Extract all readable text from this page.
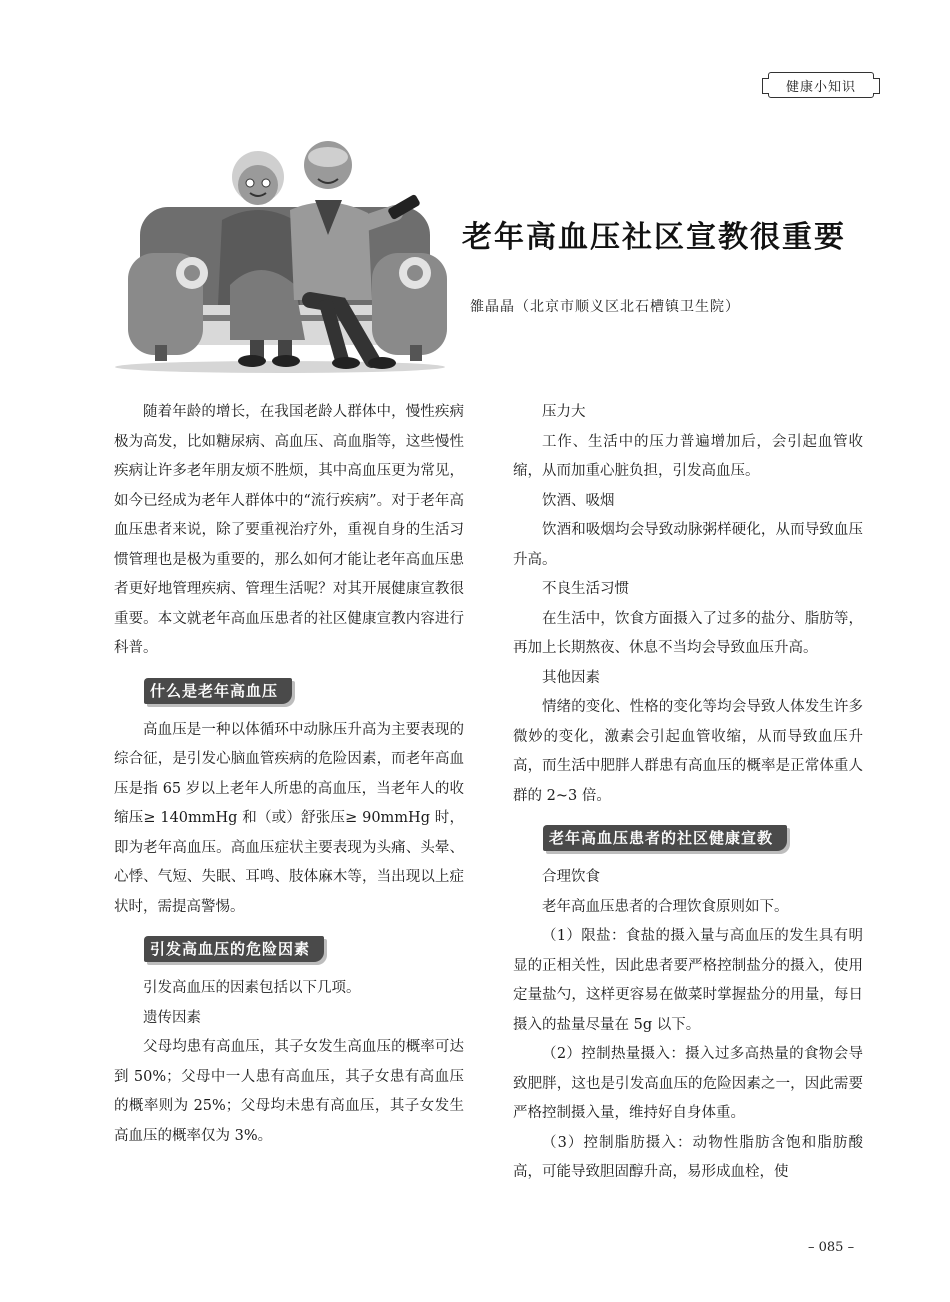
健康小知识
老年高血压社区宣教很重要
雒晶晶（北京市顺义区北石槽镇卫生院）

随着年龄的增长，在我国老龄人群体中，慢性疾病极为高发，比如糖尿病、高血压、高血脂等，这些慢性疾病让许多老年朋友烦不胜烦，其中高血压更为常见，如今已经成为老年人群体中的“流行疾病”。对于老年高血压患者来说，除了要重视治疗外，重视自身的生活习惯管理也是极为重要的，那么如何才能让老年高血压患者更好地管理疾病、管理生活呢？对其开展健康宣教很重要。本文就老年高血压患者的社区健康宣教内容进行科普。

什么是老年高血压

高血压是一种以体循环中动脉压升高为主要表现的综合征，是引发心脑血管疾病的危险因素，而老年高血压是指 65 岁以上老年人所患的高血压，当老年人的收缩压≥ 140mmHg 和（或）舒张压≥ 90mmHg 时，即为老年高血压。高血压症状主要表现为头痛、头晕、心悸、气短、失眠、耳鸣、肢体麻木等，当出现以上症状时，需提高警惕。

引发高血压的危险因素

引发高血压的因素包括以下几项。

遗传因素

父母均患有高血压，其子女发生高血压的概率可达到 50%；父母中一人患有高血压，其子女患有高血压的概率则为 25%；父母均未患有高血压，其子女发生高血压的概率仅为 3%。

压力大

工作、生活中的压力普遍增加后，会引起血管收缩，从而加重心脏负担，引发高血压。

饮酒、吸烟

饮酒和吸烟均会导致动脉粥样硬化，从而导致血压升高。

不良生活习惯

在生活中，饮食方面摄入了过多的盐分、脂肪等，再加上长期熬夜、休息不当均会导致血压升高。

其他因素

情绪的变化、性格的变化等均会导致人体发生许多微妙的变化，激素会引起血管收缩，从而导致血压升高，而生活中肥胖人群患有高血压的概率是正常体重人群的 2~3 倍。

老年高血压患者的社区健康宣教

合理饮食

老年高血压患者的合理饮食原则如下。

（1）限盐：食盐的摄入量与高血压的发生具有明显的正相关性，因此患者要严格控制盐分的摄入，使用定量盐勺，这样更容易在做菜时掌握盐分的用量，每日摄入的盐量尽量在 5g 以下。

（2）控制热量摄入：摄入过多高热量的食物会导致肥胖，这也是引发高血压的危险因素之一，因此需要严格控制摄入量，维持好自身体重。

（3）控制脂肪摄入：动物性脂肪含饱和脂肪酸高，可能导致胆固醇升高，易形成血栓，使

– 085 –
